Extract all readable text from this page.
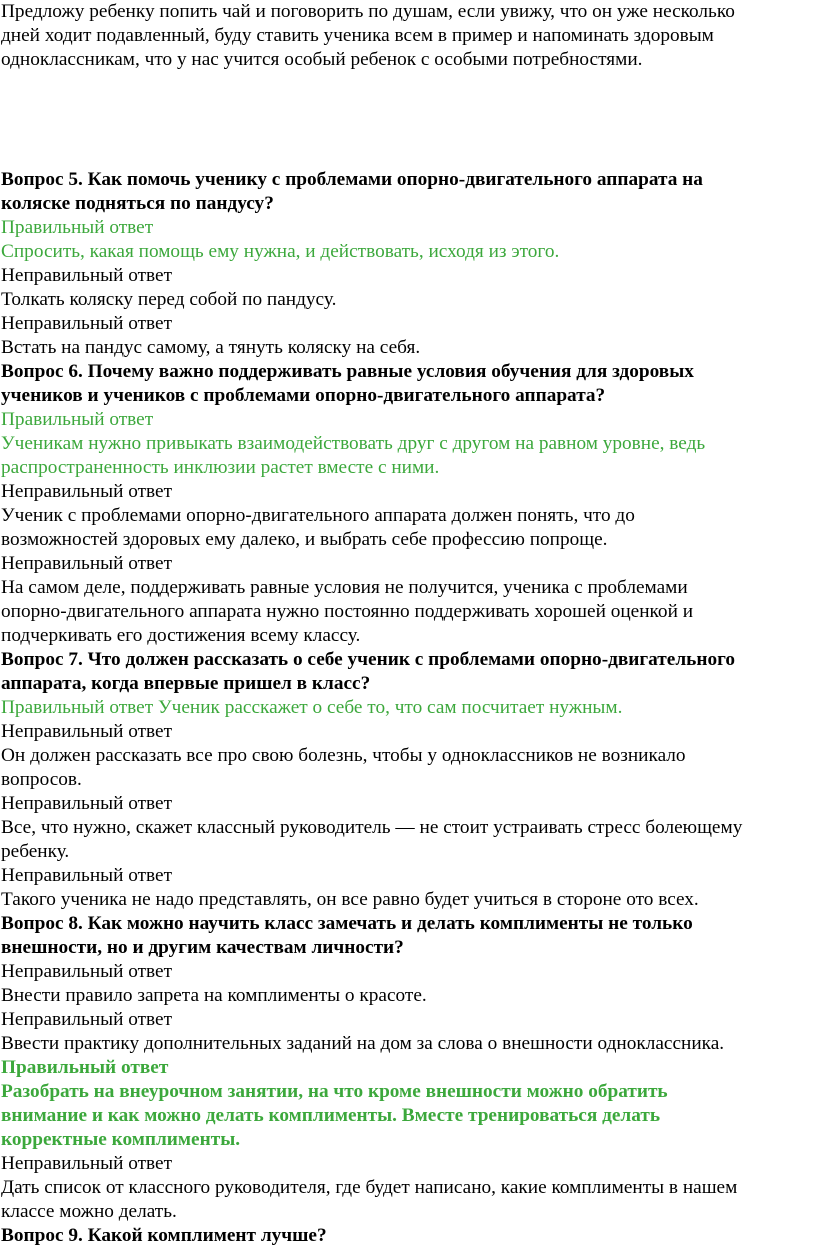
Предложу ребенку попить чай и поговорить по душам, если увижу, что он уже несколько
дней ходит подавленный, буду ставить ученика всем в пример и напоминать здоровым
одноклассникам, что у нас учится особый ребенок с особыми потребностями.
Вопрос 5. Как помочь ученику с проблемами опорно-двигательного аппарата на
коляске подняться по пандусу?
Правильный ответ
Спросить, какая помощь ему нужна, и действовать, исходя из этого.
Неправильный ответ
Толкать коляску перед собой по пандусу.
Неправильный ответ
Встать на пандус самому, а тянуть коляску на себя.
Вопрос 6. Почему важно поддерживать равные условия обучения для здоровых
учеников и учеников с проблемами опорно-двигательного аппарата?
Правильный ответ
Ученикам нужно привыкать взаимодействовать друг с другом на равном уровне, ведь
распространенность инклюзии растет вместе с ними.
Неправильный ответ
Ученик с проблемами опорно-двигательного аппарата должен понять, что до
возможностей здоровых ему далеко, и выбрать себе профессию попроще.
Неправильный ответ
На самом деле, поддерживать равные условия не получится, ученика с проблемами
опорно-двигательного аппарата нужно постоянно поддерживать хорошей оценкой и
подчеркивать его достижения всему классу.
Вопрос 7. Что должен рассказать о себе ученик с проблемами опорно-двигательного
аппарата, когда впервые пришел в класс?
Правильный ответ Ученик расскажет о себе то, что сам посчитает нужным.
Неправильный ответ
Он должен рассказать все про свою болезнь, чтобы у одноклассников не возникало
вопросов.
Неправильный ответ
Все, что нужно, скажет классный руководитель — не стоит устраивать стресс болеющему
ребенку.
Неправильный ответ
Такого ученика не надо представлять, он все равно будет учиться в стороне ото всех.
Вопрос 8. Как можно научить класс замечать и делать комплименты не только
внешности, но и другим качествам личности?
Неправильный ответ
Внести правило запрета на комплименты о красоте.
Неправильный ответ
Ввести практику дополнительных заданий на дом за слова о внешности одноклассника.
Правильный ответ
Разобрать на внеурочном занятии, на что кроме внешности можно обратить
внимание и как можно делать комплименты. Вместе тренироваться делать
корректные комплименты.
Неправильный ответ
Дать список от классного руководителя, где будет написано, какие комплименты в нашем
классе можно делать.
Вопрос 9. Какой комплимент лучше?
